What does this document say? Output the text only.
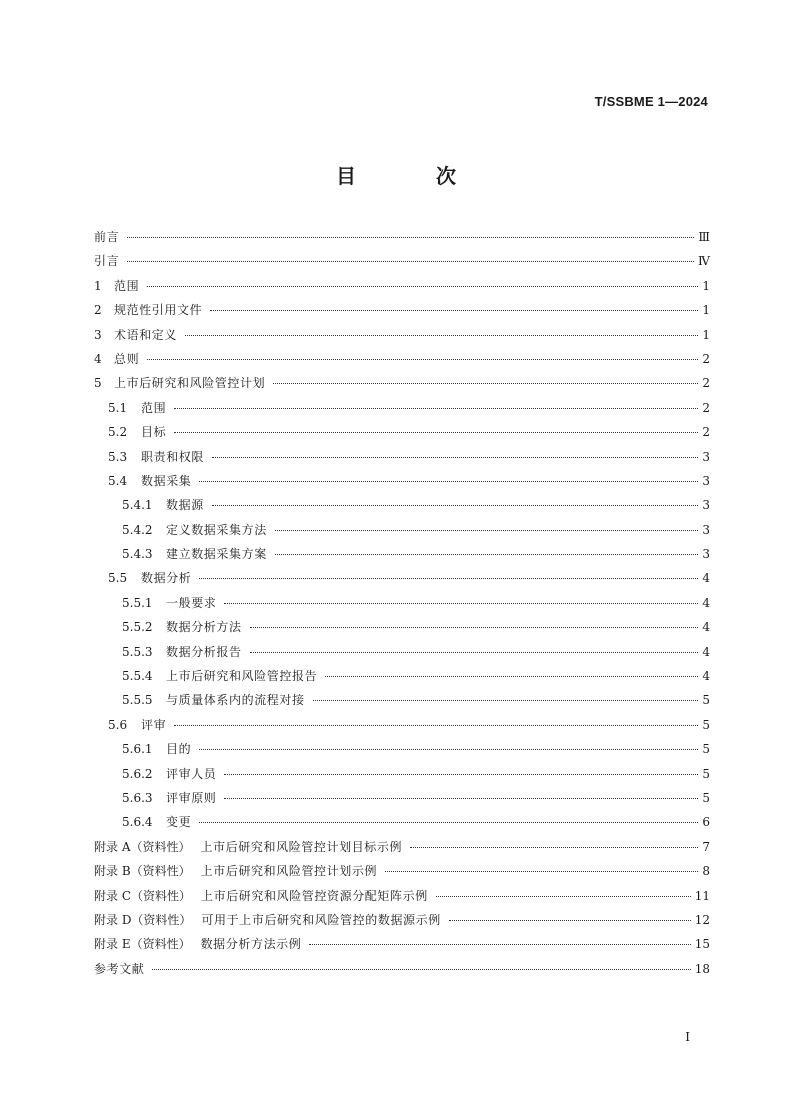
T/SSBME 1—2024
目　次
前言	Ⅲ
引言	Ⅳ
1	范围	1
2	规范性引用文件	1
3	术语和定义	1
4	总则	2
5	上市后研究和风险管控计划	2
5.1	范围	2
5.2	目标	2
5.3	职责和权限	3
5.4	数据采集	3
5.4.1	数据源	3
5.4.2	定义数据采集方法	3
5.4.3	建立数据采集方案	3
5.5	数据分析	4
5.5.1	一般要求	4
5.5.2	数据分析方法	4
5.5.3	数据分析报告	4
5.5.4	上市后研究和风险管控报告	4
5.5.5	与质量体系内的流程对接	5
5.6	评审	5
5.6.1	目的	5
5.6.2	评审人员	5
5.6.3	评审原则	5
5.6.4	变更	6
附录 A（资料性） 上市后研究和风险管控计划目标示例	7
附录 B（资料性） 上市后研究和风险管控计划示例	8
附录 C（资料性） 上市后研究和风险管控资源分配矩阵示例	11
附录 D（资料性） 可用于上市后研究和风险管控的数据源示例	12
附录 E（资料性） 数据分析方法示例	15
参考文献	18
I
